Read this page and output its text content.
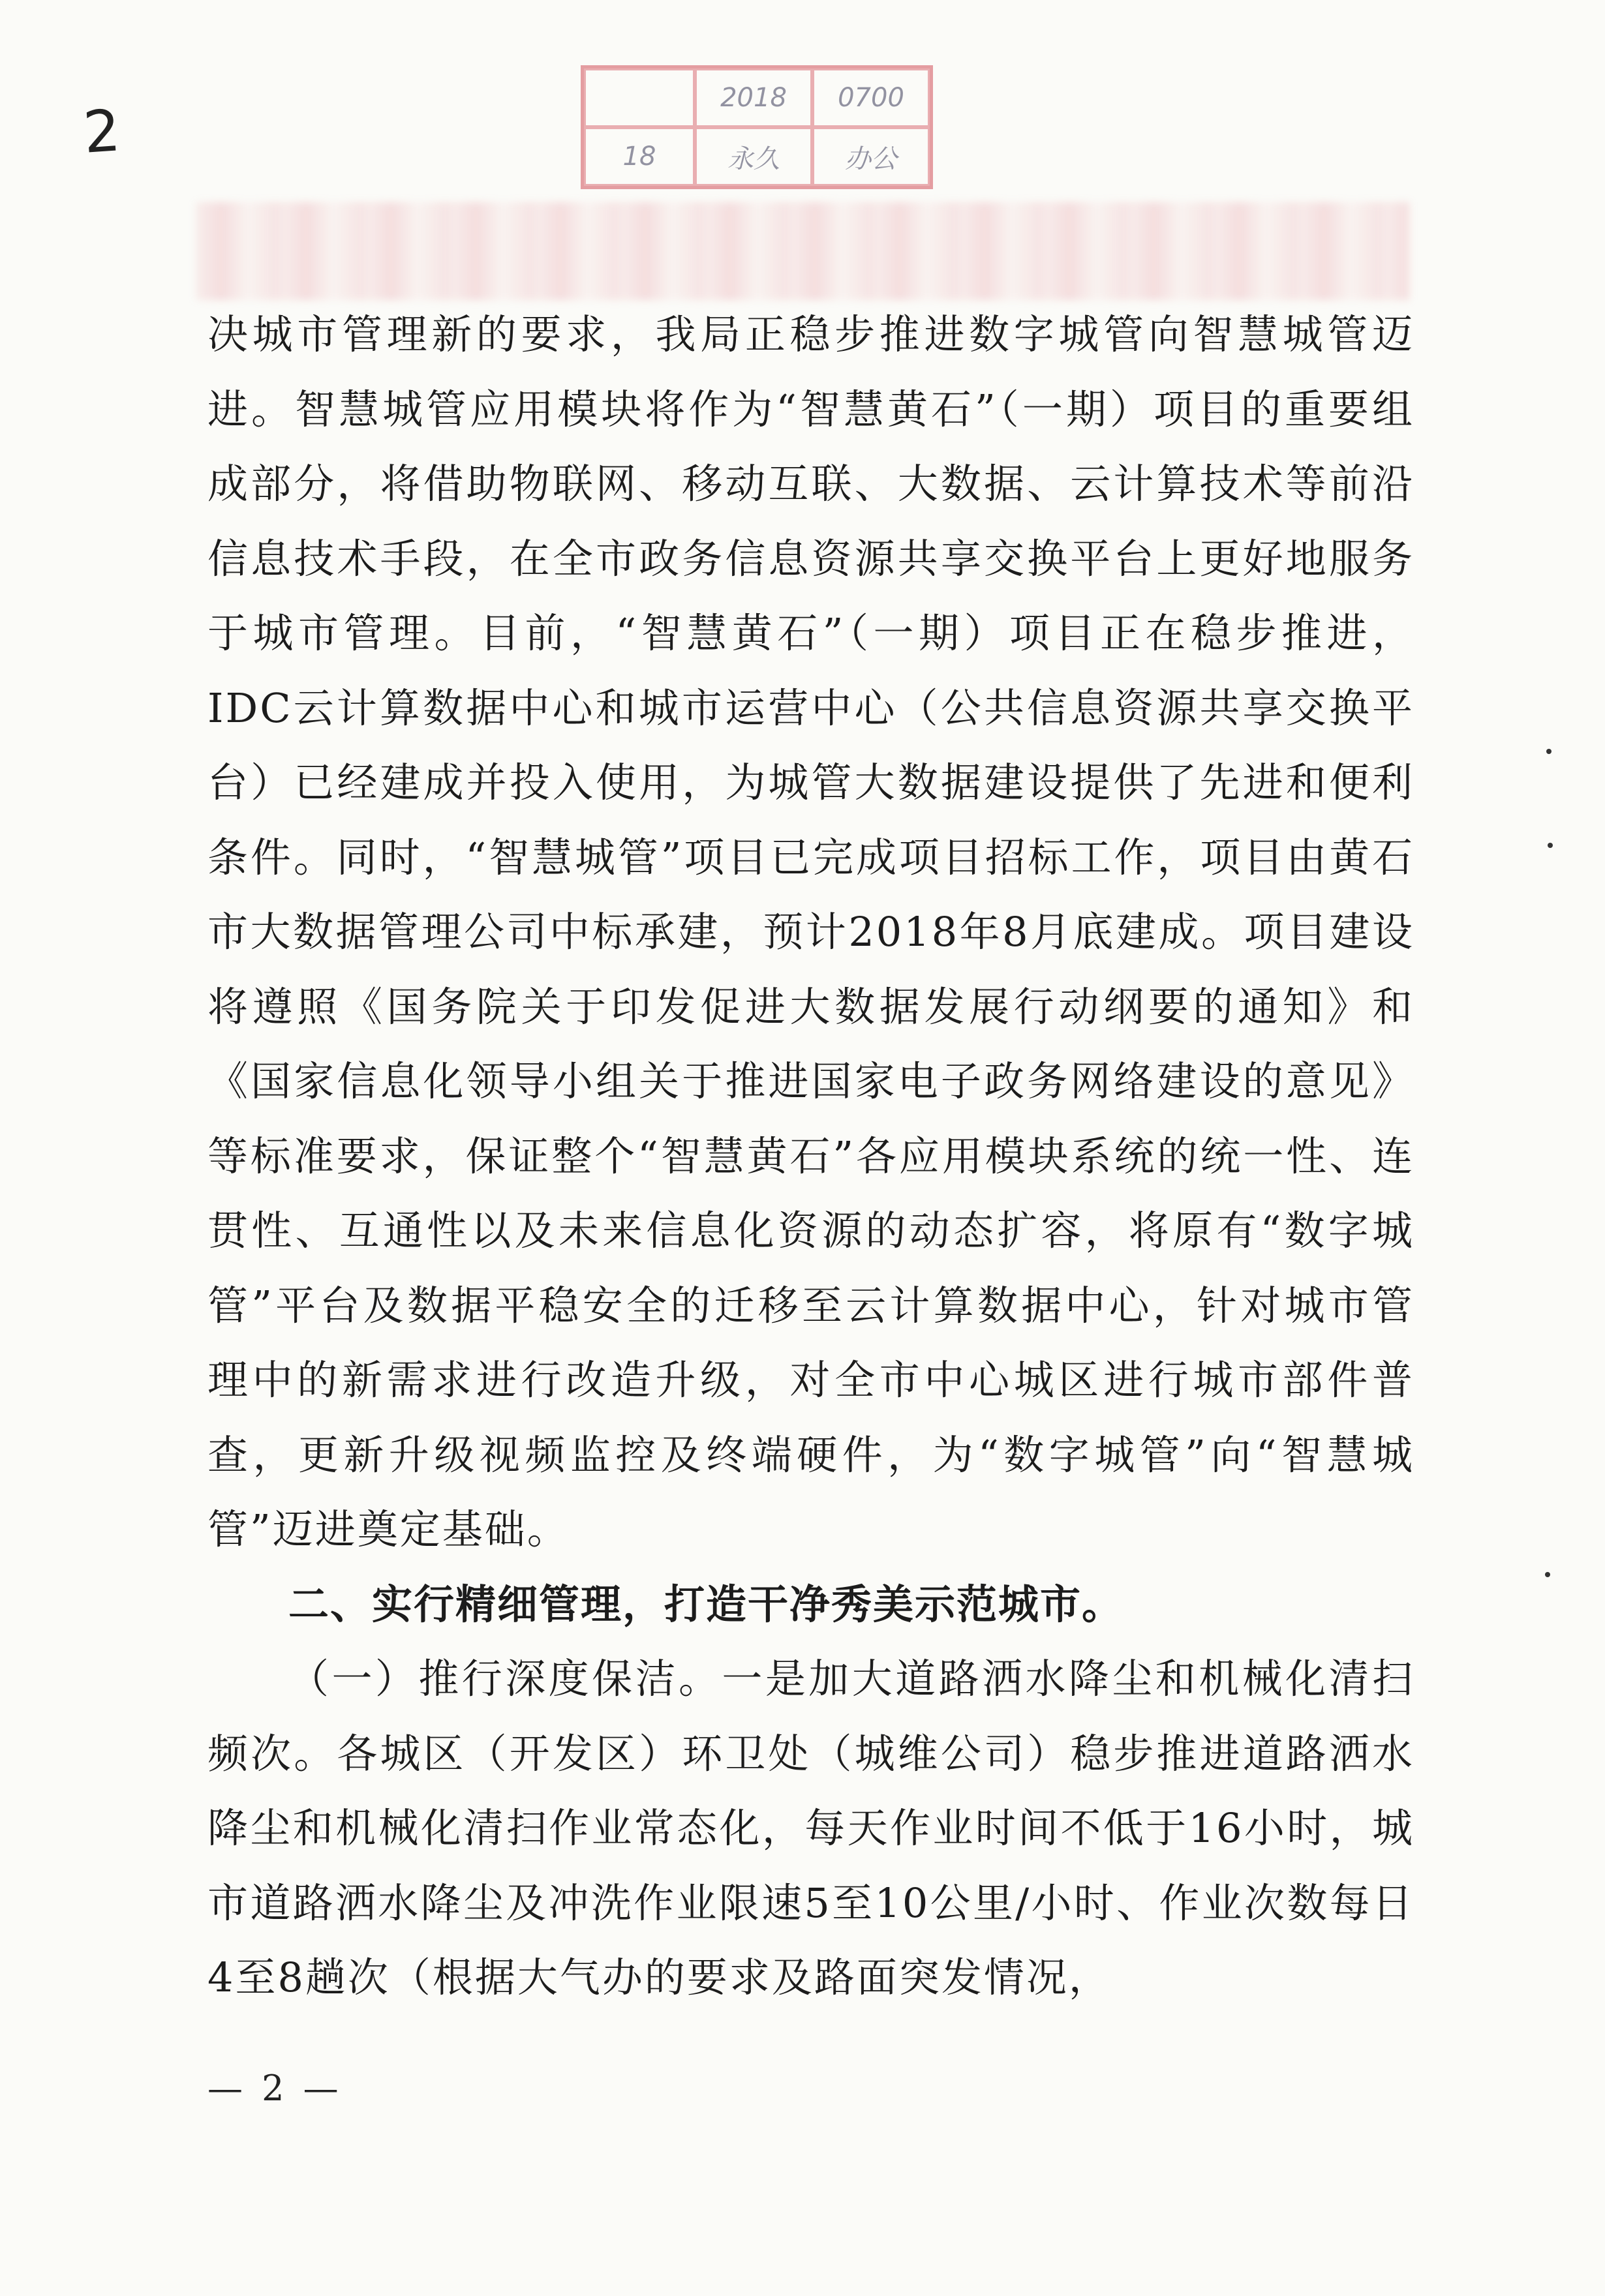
2	2018	0700
18	永久	办公

决城市管理新的要求，我局正稳步推进数字城管向智慧城管迈进。智慧城管应用模块将作为“智慧黄石”（一期）项目的重要组成部分，将借助物联网、移动互联、大数据、云计算技术等前沿信息技术手段，在全市政务信息资源共享交换平台上更好地服务于城市管理。目前，“智慧黄石”（一期）项目正在稳步推进，IDC云计算数据中心和城市运营中心（公共信息资源共享交换平台）已经建成并投入使用，为城管大数据建设提供了先进和便利条件。同时，“智慧城管”项目已完成项目招标工作，项目由黄石市大数据管理公司中标承建，预计2018年8月底建成。项目建设将遵照《国务院关于印发促进大数据发展行动纲要的通知》和《国家信息化领导小组关于推进国家电子政务网络建设的意见》等标准要求，保证整个“智慧黄石”各应用模块系统的统一性、连贯性、互通性以及未来信息化资源的动态扩容，将原有“数字城管”平台及数据平稳安全的迁移至云计算数据中心，针对城市管理中的新需求进行改造升级，对全市中心城区进行城市部件普查，更新升级视频监控及终端硬件，为“数字城管”向“智慧城管”迈进奠定基础。

二、实行精细管理，打造干净秀美示范城市。

（一）推行深度保洁。一是加大道路洒水降尘和机械化清扫频次。各城区（开发区）环卫处（城维公司）稳步推进道路洒水降尘和机械化清扫作业常态化，每天作业时间不低于16小时，城市道路洒水降尘及冲洗作业限速5至10公里/小时、作业次数每日4至8趟次（根据大气办的要求及路面突发情况，

— 2 —
